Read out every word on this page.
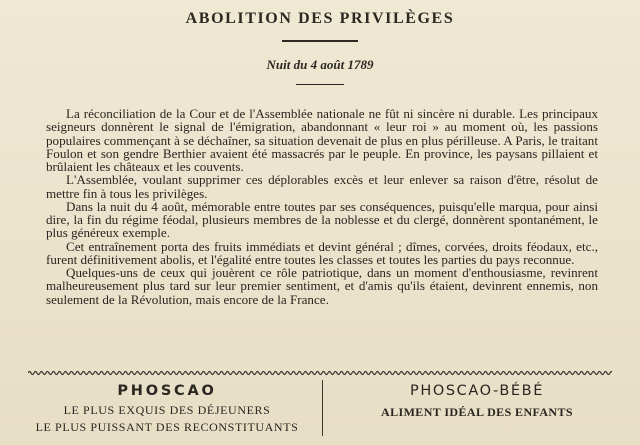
ABOLITION DES PRIVILÈGES
Nuit du 4 août 1789

La réconciliation de la Cour et de l'Assemblée nationale ne fût ni sincère ni durable. Les principaux seigneurs donnèrent le signal de l'émigration, abandonnant « leur roi » au moment où, les passions populaires commençant à se déchaîner, sa situation devenait de plus en plus périlleuse. A Paris, le traitant Foulon et son gendre Berthier avaient été massacrés par le peuple. En province, les paysans pillaient et brûlaient les châteaux et les couvents.

L'Assemblée, voulant supprimer ces déplorables excès et leur enlever sa raison d'être, résolut de mettre fin à tous les privilèges.

Dans la nuit du 4 août, mémorable entre toutes par ses conséquences, puisqu'elle marqua, pour ainsi dire, la fin du régime féodal, plusieurs membres de la noblesse et du clergé, donnèrent spontanément, le plus généreux exemple.

Cet entraînement porta des fruits immédiats et devint général ; dîmes, corvées, droits féodaux, etc., furent définitivement abolis, et l'égalité entre toutes les classes et toutes les parties du pays reconnue.

Quelques-uns de ceux qui jouèrent ce rôle patriotique, dans un moment d'enthousiasme, revinrent malheureusement plus tard sur leur premier sentiment, et d'amis qu'ils étaient, devinrent ennemis, non seulement de la Révolution, mais encore de la France.

PHOSCAO
LE PLUS EXQUIS DES DÉJEUNERS
LE PLUS PUISSANT DES RECONSTITUANTS
PHOSCAO-BÉBÉ
ALIMENT IDÉAL DES ENFANTS
